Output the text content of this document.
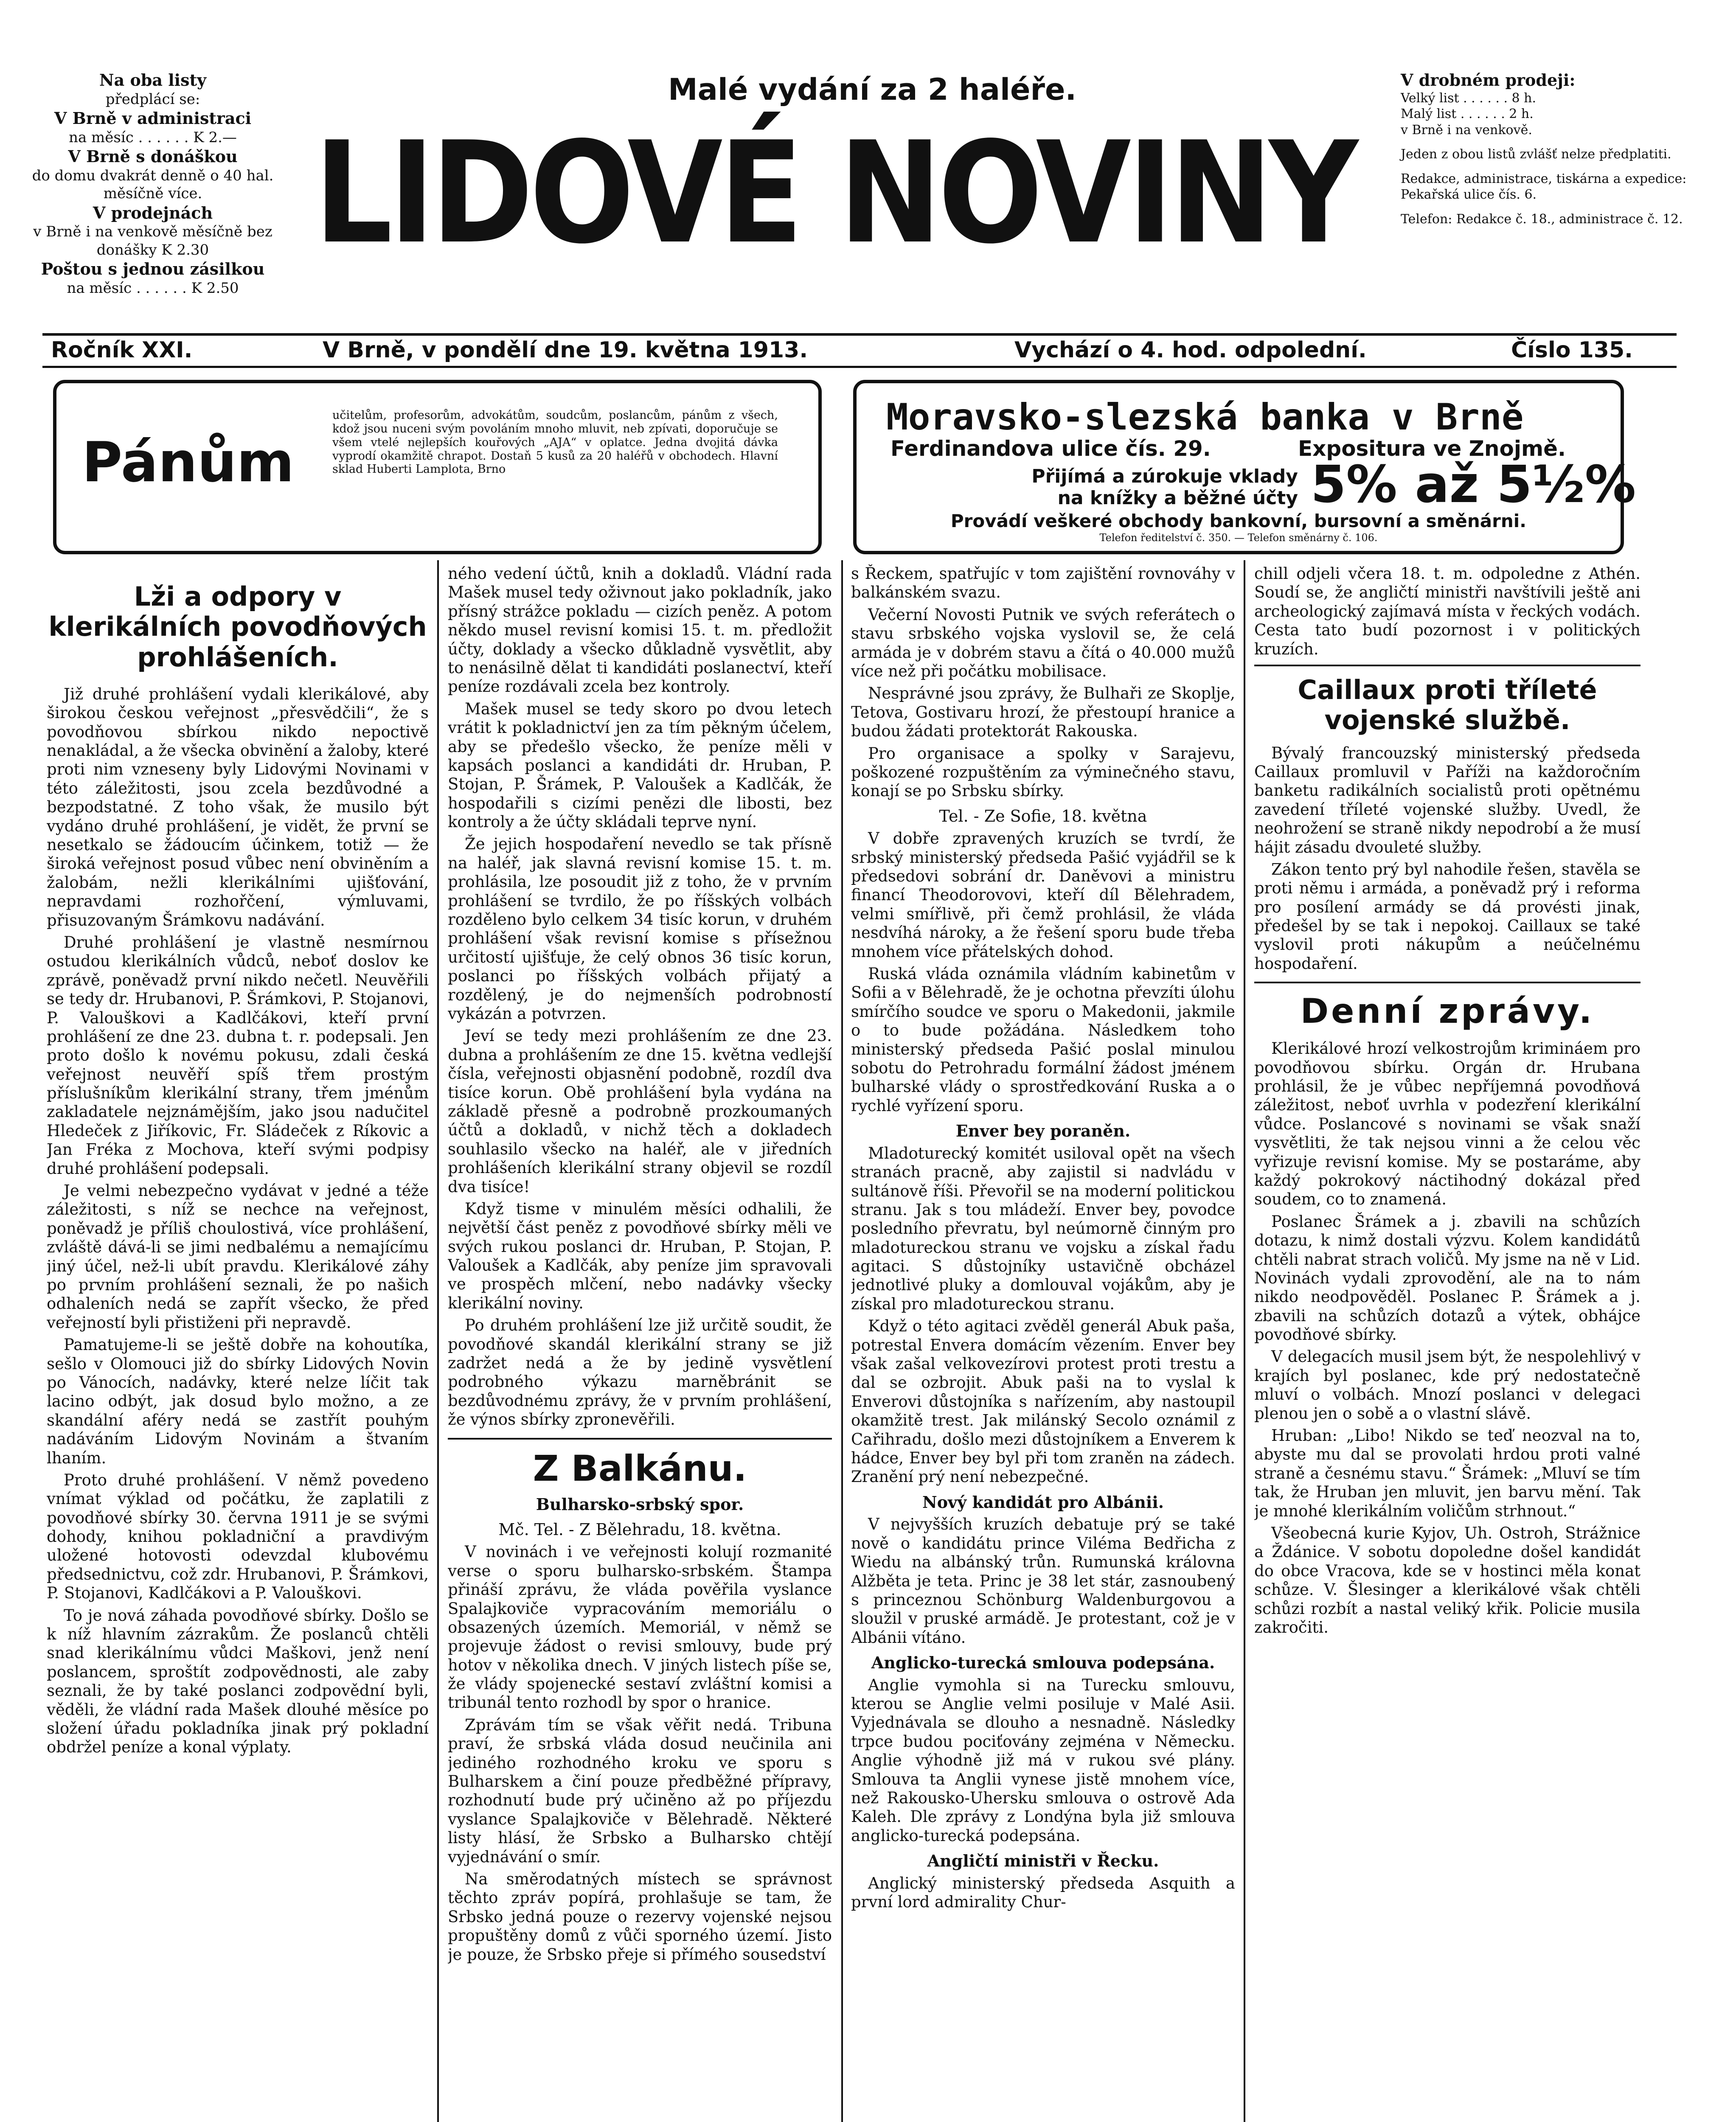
Na oba listy
předplácí se:
V Brně v administraci
na měsíc . . . . . . K 2.—
V Brně s donáškou
do domu dvakrát denně o 40 hal. měsíčně více.
V prodejnách
v Brně i na venkově měsíčně bez donášky K 2.30
Poštou s jednou zásilkou
na měsíc . . . . . . K 2.50
Malé vydání za 2 haléře.
LIDOVÉ NOVINY
V drobném prodeji:
Velký list . . . . . . 8 h.
Malý list . . . . . . 2 h.
v Brně i na venkově.
Jeden z obou listů zvlášť nelze předplatiti.
Redakce, administrace, tiskárna a expedice: Pekařská ulice čís. 6.
Telefon: Redakce č. 18., administrace č. 12.
Ročník XXI.	V Brně, v pondělí dne 19. května 1913.	Vychází o 4. hod. odpolední.	Číslo 135.
Pánům
učitelům, profesorům, advokátům, soudcům, poslancům, pánům z všech, kdož jsou nuceni svým povoláním mnoho mluvit, neb zpívati, doporučuje se všem vtelé nejlepších kouřových „AJA“ v oplatce. Jedna dvojitá dávka vyprodí okamžitě chrapot. Dostaň 5 kusů za 20 haléřů v obchodech. Hlavní sklad Huberti Lamplota, Brno
Moravsko-slezská banka v Brně
Ferdinandova ulice čís. 29.	Expositura ve Znojmě.
Přijímá a zúrokuje vklady
na knížky a běžné účty 5% až 5½%
Provádí veškeré obchody bankovní, bursovní a směnárni.
Telefon ředitelství č. 350. — Telefon směnárny č. 106.
Lži a odpory v klerikálních povodňových prohlášeních.

Již druhé prohlášení vydali klerikálové, aby širokou českou veřejnost „přesvědčili“, že s povodňovou sbírkou nikdo nepoctivě nenakládal, a že všecka obvinění a žaloby, které proti nim vzneseny byly Lidovými Novinami v této záležitosti, jsou zcela bezdůvodné a bezpodstatné. Z toho však, že musilo být vydáno druhé prohlášení, je vidět, že první se nesetkalo se žádoucím účinkem, totiž — že široká veřejnost posud vůbec není obviněním a žalobám, nežli klerikálními ujišťování, nepravdami rozhořčení, výmluvami, přisuzovaným Šrámkovu nadávání.

Druhé prohlášení je vlastně nesmírnou ostudou klerikálních vůdců, neboť doslov ke zprávě, poněvadž první nikdo nečetl. Neuvěřili se tedy dr. Hrubanovi, P. Šrámkovi, P. Stojanovi, P. Valouškovi a Kadlčákovi, kteří první prohlášení ze dne 23. dubna t. r. podepsali. Jen proto došlo k novému pokusu, zdali česká veřejnost neuvěří spíš třem prostým příslušníkům klerikální strany, třem jménům zakladatele nejznámějším, jako jsou nadučitel Hledeček z Jiříkovic, Fr. Sládeček z Ríkovic a Jan Fréka z Mochova, kteří svými podpisy druhé prohlášení podepsali.

Je velmi nebezpečno vydávat v jedné a téže záležitosti, s níž se nechce na veřejnost, poněvadž je příliš choulostivá, více prohlášení, zvláště dává-li se jimi nedbalému a nemajícímu jiný účel, než-li ubít pravdu. Klerikálové záhy po prvním prohlášení seznali, že po našich odhaleních nedá se zapřít všecko, že před veřejností byli přistiženi při nepravdě.

Pamatujeme-li se ještě dobře na kohoutíka, sešlo v Olomouci již do sbírky Lidových Novin po Vánocích, nadávky, které nelze líčit tak lacino odbýt, jak dosud bylo možno, a ze skandální aféry nedá se zastřít pouhým nadáváním Lidovým Novinám a štvaním lhaním.

Proto druhé prohlášení. V němž povedeno vnímat výklad od počátku, že zaplatili z povodňové sbírky 30. června 1911 je se svými dohody, knihou pokladniční a pravdivým uložené hotovosti odevzdal klubovému předsednictvu, což zdr. Hrubanovi, P. Šrámkovi, P. Stojanovi, Kadlčákovi a P. Valouškovi.

To je nová záhada povodňové sbírky. Došlo se k níž hlavním zázrakům. Že poslanců chtěli snad klerikálnímu vůdci Maškovi, jenž není poslancem, sproštít zodpovědnosti, ale zaby seznali, že by také poslanci zodpovědní byli, věděli, že vládní rada Mašek dlouhé měsíce po složení úřadu pokladníka jinak prý pokladní obdržel peníze a konal výplaty.

ného vedení účtů, knih a dokladů. Vládní rada Mašek musel tedy oživnout jako pokladník, jako přísný strážce pokladu — cizích peněz. A potom někdo musel revisní komisi 15. t. m. předložit účty, doklady a všecko důkladně vysvětlit, aby to nenásilně dělat ti kandidáti poslanectví, kteří peníze rozdávali zcela bez kontroly.

Mašek musel se tedy skoro po dvou letech vrátit k pokladnictví jen za tím pěkným účelem, aby se předešlo všecko, že peníze měli v kapsách poslanci a kandidáti dr. Hruban, P. Stojan, P. Šrámek, P. Valoušek a Kadlčák, že hospodařili s cizími penězi dle libosti, bez kontroly a že účty skládali teprve nyní.

Že jejich hospodaření nevedlo se tak přísně na haléř, jak slavná revisní komise 15. t. m. prohlásila, lze posoudit již z toho, že v prvním prohlášení se tvrdilo, že po říšských volbách rozděleno bylo celkem 34 tisíc korun, v druhém prohlášení však revisní komise s přísežnou určitostí ujišťuje, že celý obnos 36 tisíc korun, poslanci po říšských volbách přijatý a rozdělený, je do nejmenších podrobností vykázán a potvrzen.

Jeví se tedy mezi prohlášením ze dne 23. dubna a prohlášením ze dne 15. května vedlejší čísla, veřejnosti objasnění podobně, rozdíl dva tisíce korun. Obě prohlášení byla vydána na základě přesně a podrobně prozkoumaných účtů a dokladů, v nichž těch a dokladech souhlasilo všecko na haléř, ale v jiředních prohlášeních klerikální strany objevil se rozdíl dva tisíce!

Když tisme v minulém měsíci odhalili, že největší část peněz z povodňové sbírky měli ve svých rukou poslanci dr. Hruban, P. Stojan, P. Valoušek a Kadlčák, aby peníze jim spravovali ve prospěch mlčení, nebo nadávky všecky klerikální noviny.

Po druhém prohlášení lze již určitě soudit, že povodňové skandál klerikální strany se již zadržet nedá a že by jedině vysvětlení podrobného výkazu marněbránit se bezdůvodnému zprávy, že v prvním prohlášení, že výnos sbírky zpronevěřili.

Z Balkánu.
Bulharsko-srbský spor.
Mč. Tel. - Z Bělehradu, 18. května.

V novinách i ve veřejnosti kolují rozmanité verse o sporu bulharsko-srbském. Štampa přináší zprávu, že vláda pověřila vyslance Spalajkoviče vypracováním memoriálu o obsazených územích. Memoriál, v němž se projevuje žádost o revisi smlouvy, bude prý hotov v několika dnech. V jiných listech píše se, že vlády spojenecké sestaví zvláštní komisi a tribunál tento rozhodl by spor o hranice.

Zprávám tím se však věřit nedá. Tribuna praví, že srbská vláda dosud neučinila ani jediného rozhodného kroku ve sporu s Bulharskem a činí pouze předběžné přípravy, rozhodnutí bude prý učiněno až po příjezdu vyslance Spalajkoviče v Bělehradě. Některé listy hlásí, že Srbsko a Bulharsko chtějí vyjednávání o smír.

Na směrodatných místech se správnost těchto zpráv popírá, prohlašuje se tam, že Srbsko jedná pouze o rezervy vojenské nejsou propuštěny domů z vůči sporného území. Jisto je pouze, že Srbsko přeje si přímého sousedství

s Řeckem, spatřujíc v tom zajištění rovnováhy v balkánském svazu.

Večerní Novosti Putnik ve svých referátech o stavu srbského vojska vyslovil se, že celá armáda je v dobrém stavu a čítá o 40.000 mužů více než při počátku mobilisace.

Nesprávné jsou zprávy, že Bulhaři ze Skoplje, Tetova, Gostivaru hrozí, že přestoupí hranice a budou žádati protektorát Rakouska.

Pro organisace a spolky v Sarajevu, poškozené rozpuštěním za výminečného stavu, konají se po Srbsku sbírky.

Tel. - Ze Sofie, 18. května

V dobře zpravených kruzích se tvrdí, že srbský ministerský předseda Pašić vyjádřil se k předsedovi sobrání dr. Daněvovi a ministru financí Theodorovovi, kteří díl Bělehradem, velmi smířlivě, při čemž prohlásil, že vláda nesdvíhá nároky, a že řešení sporu bude třeba mnohem více přátelských dohod.

Ruská vláda oznámila vládním kabinetům v Sofii a v Bělehradě, že je ochotna převzíti úlohu smírčího soudce ve sporu o Makedonii, jakmile o to bude požádána. Následkem toho ministerský předseda Pašić poslal minulou sobotu do Petrohradu formální žádost jménem bulharské vlády o sprostředkování Ruska a o rychlé vyřízení sporu.

Enver bey poraněn.

Mladoturecký komitét usiloval opět na všech stranách pracně, aby zajistil si nadvládu v sultánově říši. Převořil se na moderní politickou stranu. Jak s tou mládeží. Enver bey, povodce posledního převratu, byl neúmorně činným pro mladotureckou stranu ve vojsku a získal řadu agitaci. S důstojníky ustavičně obcházel jednotlivé pluky a domlouval vojákům, aby je získal pro mladotureckou stranu.

Když o této agitaci zvěděl generál Abuk paša, potrestal Envera domácím vězením. Enver bey však zašal velkovezírovi protest proti trestu a dal se ozbrojit. Abuk paši na to vyslal k Enverovi důstojníka s nařízením, aby nastoupil okamžitě trest. Jak milánský Secolo oznámil z Cařihradu, došlo mezi důstojníkem a Enverem k hádce, Enver bey byl při tom zraněn na zádech. Zranění prý není nebezpečné.

Nový kandidát pro Albánii.

V nejvyšších kruzích debatuje prý se také nově o kandidátu prince Viléma Bedřicha z Wiedu na albánský trůn. Rumunská královna Alžběta je teta. Princ je 38 let stár, zasnoubený s princeznou Schönburg Waldenburgovou a sloužil v pruské armádě. Je protestant, což je v Albánii vítáno.

Anglicko-turecká smlouva podepsána.

Anglie vymohla si na Turecku smlouvu, kterou se Anglie velmi posiluje v Malé Asii. Vyjednávala se dlouho a nesnadně. Následky trpce budou pociťovány zejména v Německu. Anglie výhodně již má v rukou své plány. Smlouva ta Anglii vynese jistě mnohem více, než Rakousko-Uhersku smlouva o ostrově Ada Kaleh. Dle zprávy z Londýna byla již smlouva anglicko-turecká podepsána.

Angličtí ministři v Řecku.

Anglický ministerský předseda Asquith a první lord admirality Chur-

chill odjeli včera 18. t. m. odpoledne z Athén. Soudí se, že angličtí ministři navštívili ještě ani archeologický zajímavá místa v řeckých vodách. Cesta tato budí pozornost i v politických kruzích.

Caillaux proti tříleté vojenské službě.

Bývalý francouzský ministerský předseda Caillaux promluvil v Paříži na každoročním banketu radikálních socialistů proti opětnému zavedení tříleté vojenské služby. Uvedl, že neohrožení se straně nikdy nepodrobí a že musí hájit zásadu dvouleté služby.

Zákon tento prý byl nahodile řešen, stavěla se proti němu i armáda, a poněvadž prý i reforma pro posílení armády se dá provésti jinak, předešel by se tak i nepokoj. Caillaux se také vyslovil proti nákupům a neúčelnému hospodaření.

Denní zprávy.

Klerikálové hrozí velkostrojům krimináem pro povodňovou sbírku. Orgán dr. Hrubana prohlásil, že je vůbec nepříjemná povodňová záležitost, neboť uvrhla v podezření klerikální vůdce. Poslancové s novinami se však snaží vysvětliti, že tak nejsou vinni a že celou věc vyřizuje revisní komise. My se postaráme, aby každý pokrokový náctihodný dokázal před soudem, co to znamená.

Poslanec Šrámek a j. zbavili na schůzích dotazu, k nimž dostali výzvu. Kolem kandidátů chtěli nabrat strach voličů. My jsme na ně v Lid. Novinách vydali zprovodění, ale na to nám nikdo neodpověděl. Poslanec P. Šrámek a j. zbavili na schůzích dotazů a výtek, obhájce povodňové sbírky.

V delegacích musil jsem být, že nespolehlivý v krajích byl poslanec, kde prý nedostatečně mluví o volbách. Mnozí poslanci v delegaci plenou jen o sobě a o vlastní slávě.

Hruban: „Libo! Nikdo se teď neozval na to, abyste mu dal se provolati hrdou proti valné straně a česnému stavu.“ Šrámek: „Mluví se tím tak, že Hruban jen mluvit, jen barvu mění. Tak je mnohé klerikálním voličům strhnout.“

Všeobecná kurie Kyjov, Uh. Ostroh, Strážnice a Ždánice. V sobotu dopoledne došel kandidát do obce Vracova, kde se v hostinci měla konat schůze. V. Šlesinger a klerikálové však chtěli schůzi rozbít a nastal veliký křik. Policie musila zakročiti.
